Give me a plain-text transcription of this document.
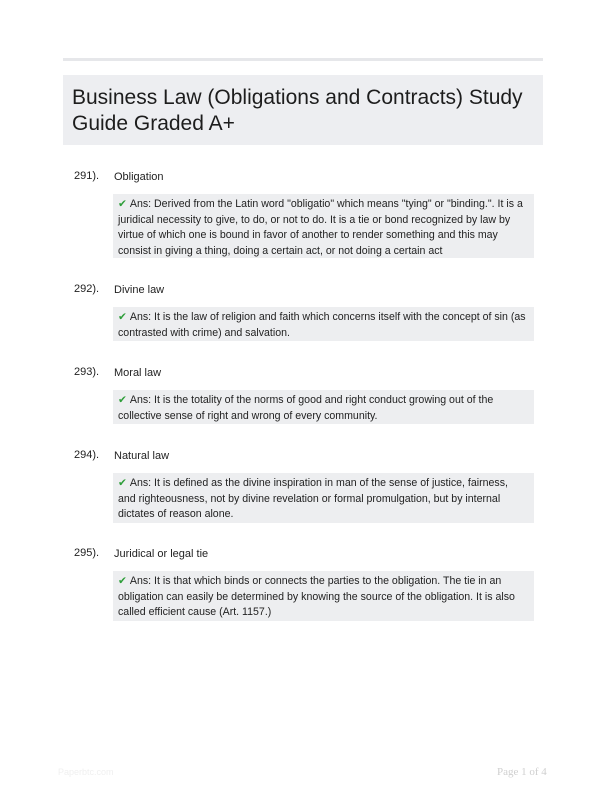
Business Law (Obligations and Contracts) Study Guide Graded A+
291). Obligation
✔ Ans: Derived from the Latin word "obligatio" which means "tying" or "binding.". It is a juridical necessity to give, to do, or not to do. It is a tie or bond recognized by law by virtue of which one is bound in favor of another to render something and this may consist in giving a thing, doing a certain act, or not doing a certain act
292). Divine law
✔ Ans: It is the law of religion and faith which concerns itself with the concept of sin (as contrasted with crime) and salvation.
293). Moral law
✔ Ans: It is the totality of the norms of good and right conduct growing out of the collective sense of right and wrong of every community.
294). Natural law
✔ Ans: It is defined as the divine inspiration in man of the sense of justice, fairness, and righteousness, not by divine revelation or formal promulgation, but by internal dictates of reason alone.
295). Juridical or legal tie
✔ Ans: It is that which binds or connects the parties to the obligation. The tie in an obligation can easily be determined by knowing the source of the obligation. It is also called efficient cause (Art. 1157.)
Paperbtc.com	Page 1 of 4
